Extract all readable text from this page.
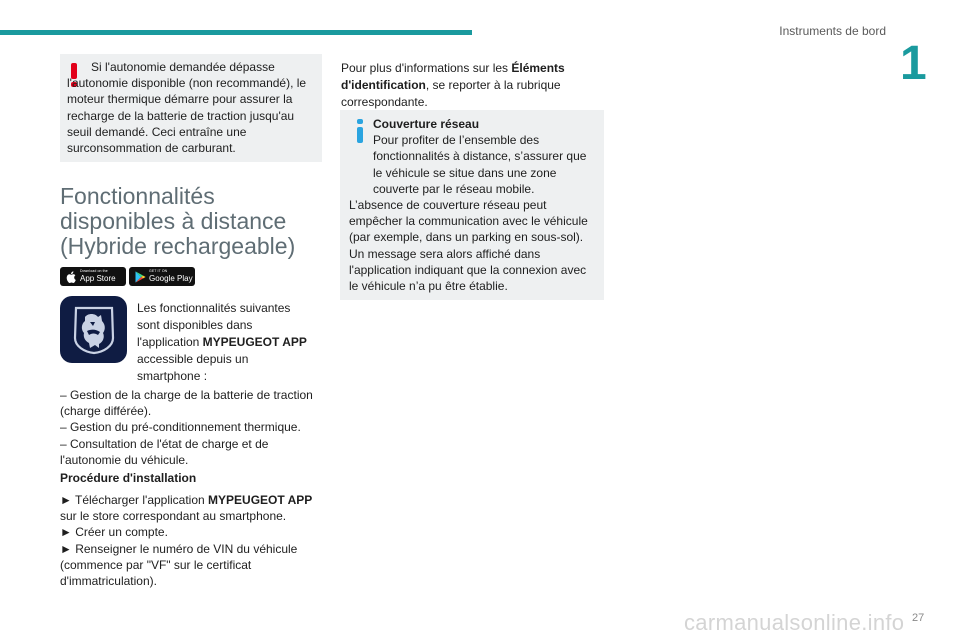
Instruments de bord
1
Si l'autonomie demandée dépasse l'autonomie disponible (non recommandé), le moteur thermique démarre pour assurer la recharge de la batterie de traction jusqu'au seuil demandé. Ceci entraîne une surconsommation de carburant.
Fonctionnalités disponibles à distance (Hybride rechargeable)
Download on the
App Store
GET IT ON
Google Play
Les fonctionnalités suivantes sont disponibles dans l'application MYPEUGEOT APP accessible depuis un smartphone :
– Gestion de la charge de la batterie de traction (charge différée).
– Gestion du pré-conditionnement thermique.
– Consultation de l'état de charge et de l'autonomie du véhicule.
Procédure d'installation
► Télécharger l'application MYPEUGEOT APP sur le store correspondant au smartphone.
► Créer un compte.
► Renseigner le numéro de VIN du véhicule (commence par "VF" sur le certificat d'immatriculation).
Pour plus d'informations sur les Éléments d'identification, se reporter à la rubrique correspondante.
Couverture réseau
Pour profiter de l’ensemble des fonctionnalités à distance, s’assurer que le véhicule se situe dans une zone couverte par le réseau mobile.
L’absence de couverture réseau peut empêcher la communication avec le véhicule (par exemple, dans un parking en sous-sol). Un message sera alors affiché dans l'application indiquant que la connexion avec le véhicule n’a pu être établie.
carmanualsonline.info 27
